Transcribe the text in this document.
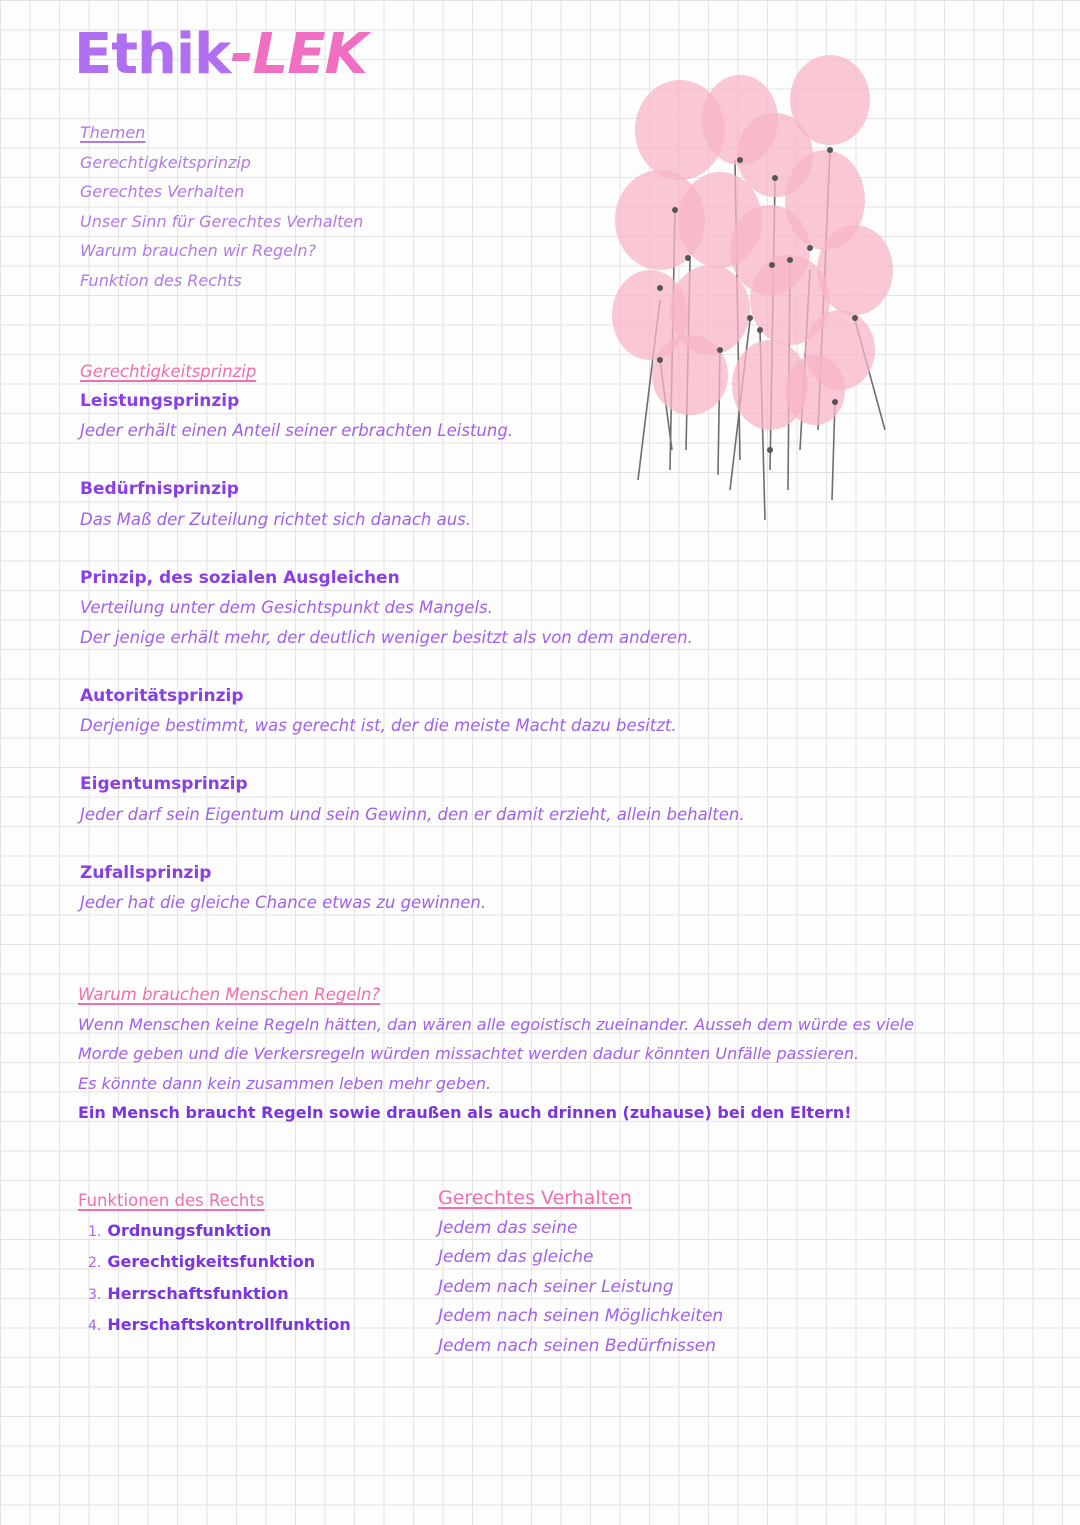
Ethik-LEK
Themen
Gerechtigkeitsprinzip
Gerechtes Verhalten
Unser Sinn für Gerechtes Verhalten
Warum brauchen wir Regeln?
Funktion des Rechts
Gerechtigkeitsprinzip
Leistungsprinzip
Jeder erhält einen Anteil seiner erbrachten Leistung.
Bedürfnisprinzip
Das Maß der Zuteilung richtet sich danach aus.
Prinzip, des sozialen Ausgleichen
Verteilung unter dem Gesichtspunkt des Mangels.
Der jenige erhält mehr, der deutlich weniger besitzt als von dem anderen.
Autoritätsprinzip
Derjenige bestimmt, was gerecht ist, der die meiste Macht dazu besitzt.
Eigentumsprinzip
Jeder darf sein Eigentum und sein Gewinn, den er damit erzieht, allein behalten.
Zufallsprinzip
Jeder hat die gleiche Chance etwas zu gewinnen.
Warum brauchen Menschen Regeln?
Wenn Menschen keine Regeln hätten, dan wären alle egoistisch zueinander. Ausseh dem würde es viele
Morde geben und die Verkersregeln würden missachtet werden dadur könnten Unfälle passieren.
Es könnte dann kein zusammen leben mehr geben.
Ein Mensch braucht Regeln sowie draußen als auch drinnen (zuhause) bei den Eltern!
Funktionen des Rechts
1. Ordnungsfunktion
2. Gerechtigkeitsfunktion
3. Herrschaftsfunktion
4. Herschaftskontrollfunktion
Gerechtes Verhalten
Jedem das seine
Jedem das gleiche
Jedem nach seiner Leistung
Jedem nach seinen Möglichkeiten
Jedem nach seinen Bedürfnissen
